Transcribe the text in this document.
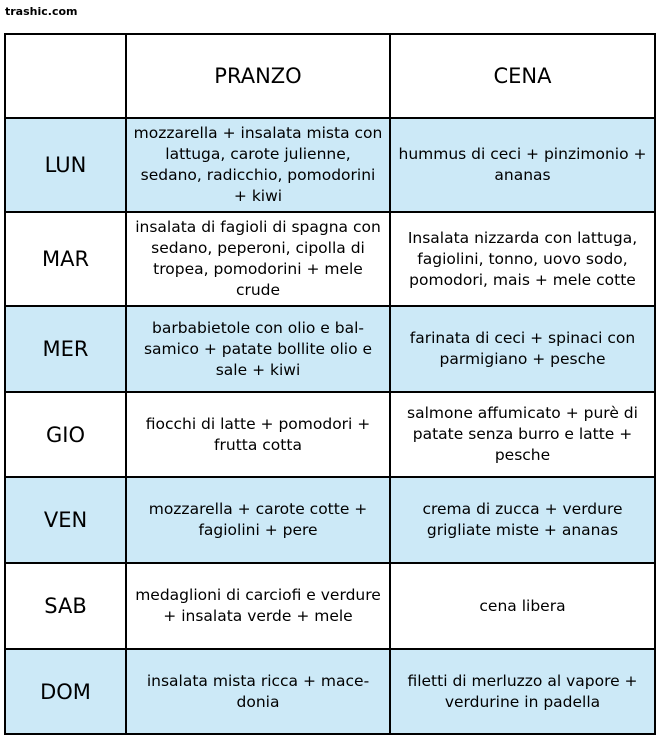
trashic.com
	PRANZO	CENA
LUN	mozzarella + insalata mista con lattuga, carote julienne, sedano, radicchio, pomodorini + kiwi	hummus di ceci + pinzimonio + ananas
MAR	insalata di fagioli di spagna con sedano, peperoni, cipolla di tropea, pomodorini + mele crude	Insalata nizzarda con lattuga, fagiolini, tonno, uovo sodo, pomodori, mais + mele cotte
MER	barbabietole con olio e balsamico + patate bollite olio e sale + kiwi	farinata di ceci + spinaci con parmigiano + pesche
GIO	fiocchi di latte + pomodori + frutta cotta	salmone affumicato + purè di patate senza burro e latte + pesche
VEN	mozzarella + carote cotte + fagiolini + pere	crema di zucca + verdure grigliate miste + ananas
SAB	medaglioni di carciofi e verdure + insalata verde + mele	cena libera
DOM	insalata mista ricca + macedonia	filetti di merluzzo al vapore + verdurine in padella
